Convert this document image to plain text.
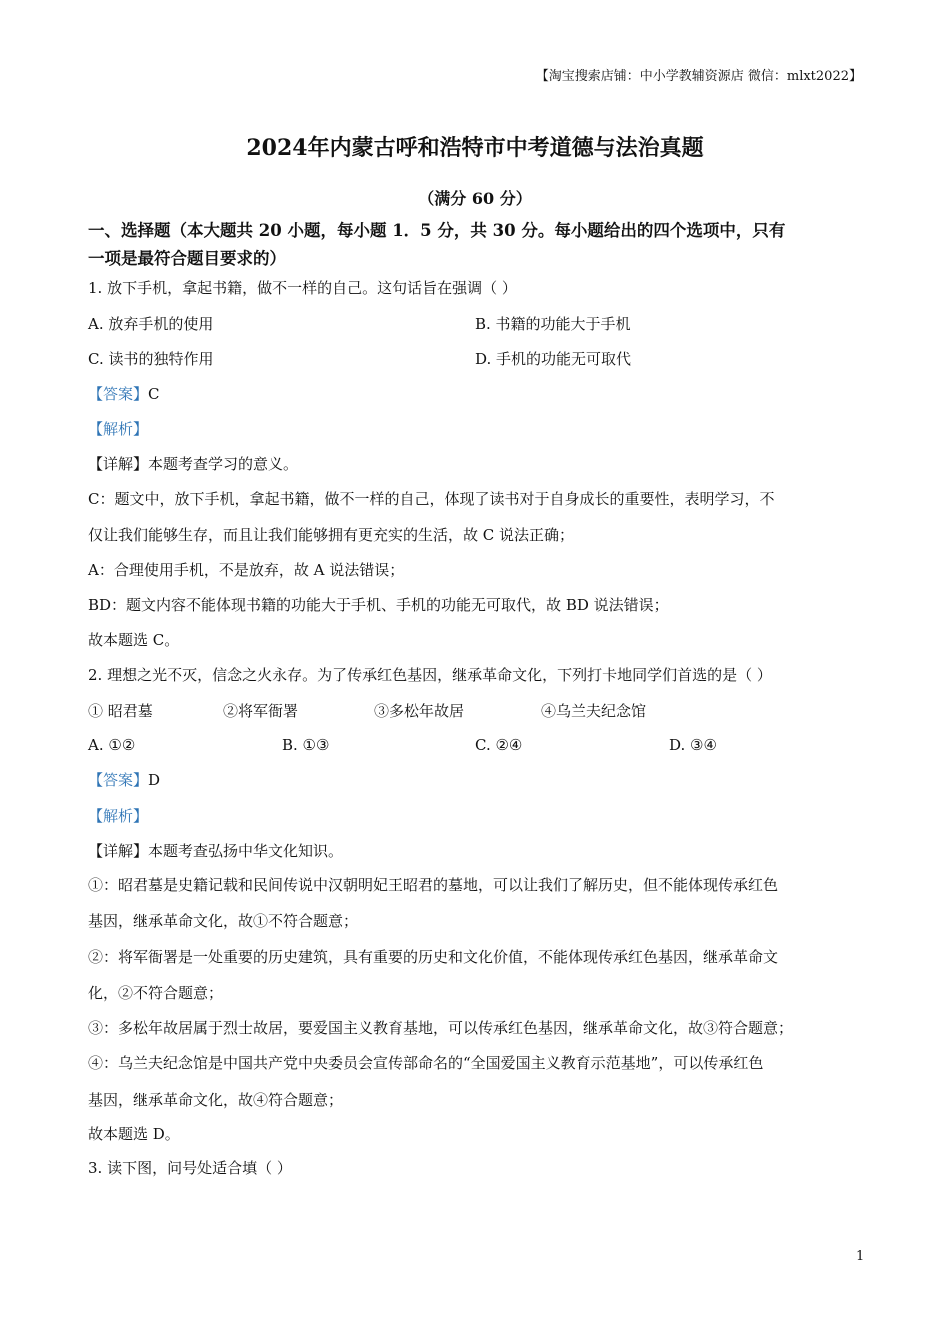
【淘宝搜索店铺：中小学教辅资源店 微信：mlxt2022】
2024年内蒙古呼和浩特市中考道德与法治真题
（满分 60 分）
一、选择题（本大题共 20 小题，每小题 1．5 分，共 30 分。每小题给出的四个选项中，只有
一项是最符合题目要求的）
1. 放下手机，拿起书籍，做不一样的自己。这句话旨在强调（ ）
A. 放弃手机的使用	B. 书籍的功能大于手机
C. 读书的独特作用	D. 手机的功能无可取代
【答案】C
【解析】
【详解】本题考查学习的意义。
C：题文中，放下手机，拿起书籍，做不一样的自己，体现了读书对于自身成长的重要性，表明学习，不
仅让我们能够生存，而且让我们能够拥有更充实的生活，故 C 说法正确；
A：合理使用手机，不是放弃，故 A 说法错误；
BD：题文内容不能体现书籍的功能大于手机、手机的功能无可取代，故 BD 说法错误；
故本题选 C。
2. 理想之光不灭，信念之火永存。为了传承红色基因，继承革命文化，下列打卡地同学们首选的是（ ）
① 昭君墓	②将军衙署	③多松年故居	④乌兰夫纪念馆
A. ①②	B. ①③	C. ②④	D. ③④
【答案】D
【解析】
【详解】本题考查弘扬中华文化知识。
①：昭君墓是史籍记载和民间传说中汉朝明妃王昭君的墓地，可以让我们了解历史，但不能体现传承红色
基因，继承革命文化，故①不符合题意；
②：将军衙署是一处重要的历史建筑，具有重要的历史和文化价值，不能体现传承红色基因，继承革命文
化，②不符合题意；
③：多松年故居属于烈士故居，要爱国主义教育基地，可以传承红色基因，继承革命文化，故③符合题意；
④：乌兰夫纪念馆是中国共产党中央委员会宣传部命名的“全国爱国主义教育示范基地”，可以传承红色
基因，继承革命文化，故④符合题意；
故本题选 D。
3. 读下图，问号处适合填（ ）
1
